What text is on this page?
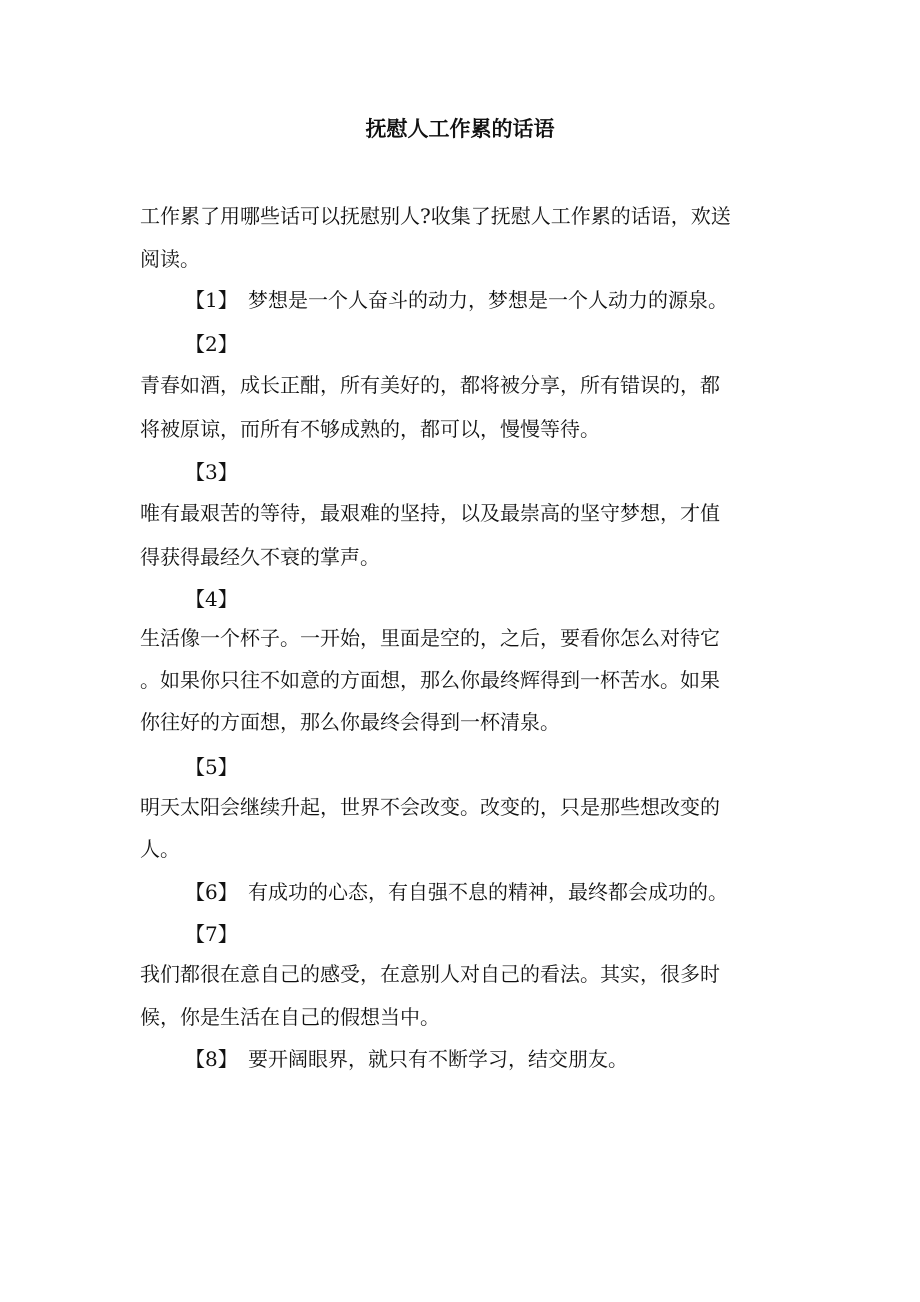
抚慰人工作累的话语
工作累了用哪些话可以抚慰别人?收集了抚慰人工作累的话语，欢送
阅读。
【1】 梦想是一个人奋斗的动力，梦想是一个人动力的源泉。
【2】
青春如酒，成长正酣，所有美好的，都将被分享，所有错误的，都
将被原谅，而所有不够成熟的，都可以，慢慢等待。
【3】
唯有最艰苦的等待，最艰难的坚持，以及最崇高的坚守梦想，才值
得获得最经久不衰的掌声。
【4】
生活像一个杯子。一开始，里面是空的，之后，要看你怎么对待它
。如果你只往不如意的方面想，那么你最终辉得到一杯苦水。如果
你往好的方面想，那么你最终会得到一杯清泉。
【5】
明天太阳会继续升起，世界不会改变。改变的，只是那些想改变的
人。
【6】 有成功的心态，有自强不息的精神，最终都会成功的。
【7】
我们都很在意自己的感受，在意别人对自己的看法。其实，很多时
候，你是生活在自己的假想当中。
【8】 要开阔眼界，就只有不断学习，结交朋友。
